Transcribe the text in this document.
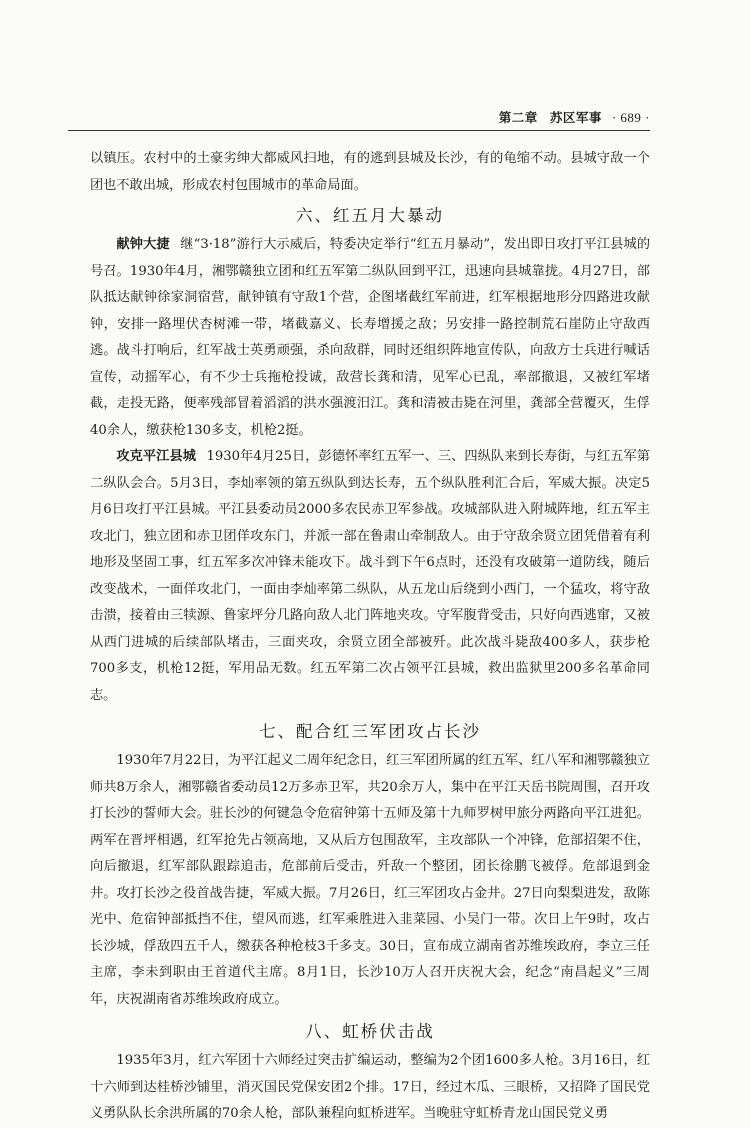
第二章 苏区军事 · 689 ·

以镇压。农村中的土豪劣绅大都威风扫地，有的逃到县城及长沙，有的龟缩不动。县城守敌一个团也不敢出城，形成农村包围城市的革命局面。

六、红五月大暴动

献钟大捷 继“3·18”游行大示威后，特委决定举行“红五月暴动”，发出即日攻打平江县城的号召。1930年4月，湘鄂赣独立团和红五军第二纵队回到平江，迅速向县城靠拢。4月27日，部队抵达献钟徐家洞宿营，献钟镇有守敌1个营，企图堵截红军前进，红军根据地形分四路进攻献钟，安排一路埋伏杏树滩一带，堵截嘉义、长寿增援之敌；另安排一路控制荒石崖防止守敌西逃。战斗打响后，红军战士英勇顽强，杀向敌群，同时还组织阵地宣传队，向敌方士兵进行喊话宣传，动摇军心，有不少士兵拖枪投诚，敌营长龚和清，见军心已乱，率部撤退，又被红军堵截，走投无路，便率残部冒着滔滔的洪水强渡汨江。龚和清被击毙在河里，龚部全营覆灭，生俘40余人，缴获枪130多支，机枪2挺。

攻克平江县城 1930年4月25日，彭德怀率红五军一、三、四纵队来到长寿街，与红五军第二纵队会合。5月3日，李灿率领的第五纵队到达长寿，五个纵队胜利汇合后，军威大振。决定5月6日攻打平江县城。平江县委动员2000多农民赤卫军参战。攻城部队进入附城阵地，红五军主攻北门，独立团和赤卫团佯攻东门，并派一部在鲁肃山牵制敌人。由于守敌余贤立团凭借着有利地形及坚固工事，红五军多次冲锋未能攻下。战斗到下午6点时，还没有攻破第一道防线，随后改变战术，一面佯攻北门，一面由李灿率第二纵队，从五龙山后绕到小西门，一个猛攻，将守敌击溃，接着由三犊源、鲁家坪分几路向敌人北门阵地夹攻。守军腹背受击，只好向西逃窜，又被从西门进城的后续部队堵击，三面夹攻，余贤立团全部被歼。此次战斗毙敌400多人，获步枪700多支，机枪12挺，军用品无数。红五军第二次占领平江县城，救出监狱里200多名革命同志。

七、配合红三军团攻占长沙

1930年7月22日，为平江起义二周年纪念日，红三军团所属的红五军、红八军和湘鄂赣独立师共8万余人，湘鄂赣省委动员12万多赤卫军，共20余万人，集中在平江天岳书院周围，召开攻打长沙的誓师大会。驻长沙的何键急令危宿钟第十五师及第十九师罗树甲旅分两路向平江进犯。两军在晋坪相遇，红军抢先占领高地，又从后方包围敌军，主攻部队一个冲锋，危部招架不住，向后撤退，红军部队跟踪追击，危部前后受击，歼敌一个整团，团长徐鹏飞被俘。危部退到金井。攻打长沙之役首战告捷，军威大振。7月26日，红三军团攻占金井。27日向梨梨进发，敌陈光中、危宿钟部抵挡不住，望风而逃，红军乘胜进入韭菜园、小吴门一带。次日上午9时，攻占长沙城，俘敌四五千人，缴获各种枪枝3千多支。30日，宣布成立湖南省苏维埃政府，李立三任主席，李未到职由王首道代主席。8月1日，长沙10万人召开庆祝大会，纪念“南昌起义”三周年，庆祝湖南省苏维埃政府成立。

八、虹桥伏击战

1935年3月，红六军团十六师经过突击扩编运动，整编为2个团1600多人枪。3月16日，红十六师到达桂桥沙铺里，消灭国民党保安团2个排。17日，经过木瓜、三眼桥，又招降了国民党义勇队队长余洪所属的70余人枪，部队兼程向虹桥进军。当晚驻守虹桥青龙山国民党义勇
